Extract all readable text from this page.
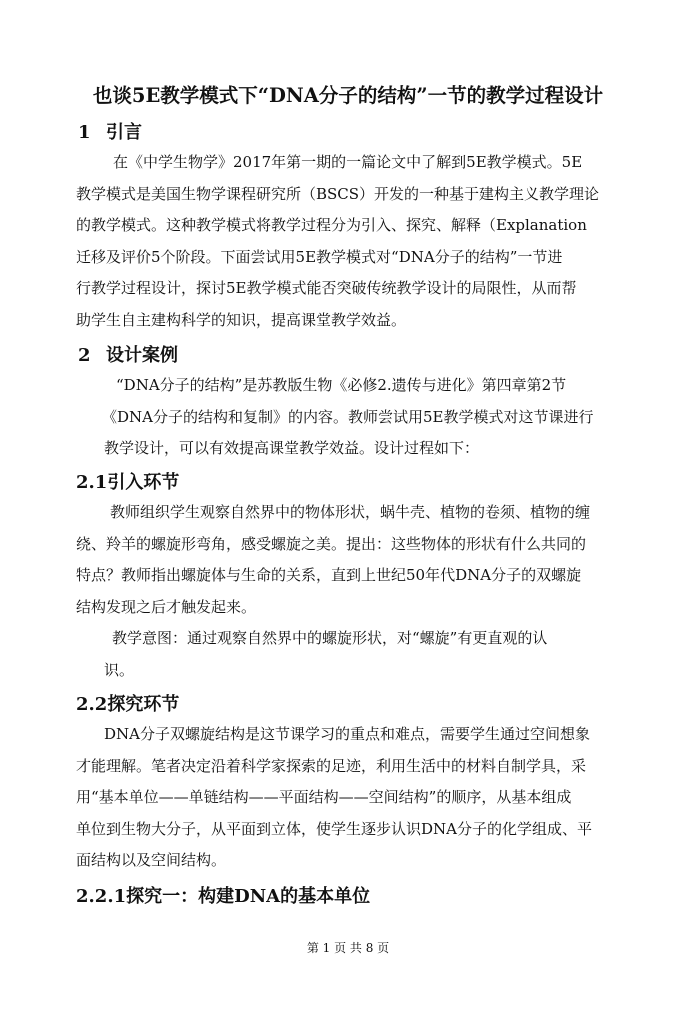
也谈5E教学模式下“DNA分子的结构”一节的教学过程设计
1 引言
在《中学生物学》2017年第一期的一篇论文中了解到5E教学模式。5E
教学模式是美国生物学课程研究所（BSCS）开发的一种基于建构主义教学理论
的教学模式。这种教学模式将教学过程分为引入、探究、解释（Explanation
迁移及评价5个阶段。下面尝试用5E教学模式对“DNA分子的结构”一节进
行教学过程设计，探讨5E教学模式能否突破传统教学设计的局限性，从而帮
助学生自主建构科学的知识，提高课堂教学效益。
2 设计案例
“DNA分子的结构”是苏教版生物《必修2.遗传与进化》第四章第2节
《DNA分子的结构和复制》的内容。教师尝试用5E教学模式对这节课进行
教学设计，可以有效提高课堂教学效益。设计过程如下：
2.1引入环节
教师组织学生观察自然界中的物体形状，蜗牛壳、植物的卷须、植物的缠
绕、羚羊的螺旋形弯角，感受螺旋之美。提出：这些物体的形状有什么共同的
特点？教师指出螺旋体与生命的关系，直到上世纪50年代DNA分子的双螺旋
结构发现之后才触发起来。
教学意图：通过观察自然界中的螺旋形状，对“螺旋”有更直观的认
识。
2.2探究环节
DNA分子双螺旋结构是这节课学习的重点和难点，需要学生通过空间想象
才能理解。笔者决定沿着科学家探索的足迹，利用生活中的材料自制学具，采
用“基本单位——单链结构——平面结构——空间结构”的顺序，从基本组成
单位到生物大分子，从平面到立体，使学生逐步认识DNA分子的化学组成、平
面结构以及空间结构。
2.2.1探究一：构建DNA的基本单位
第 1 页 共 8 页
